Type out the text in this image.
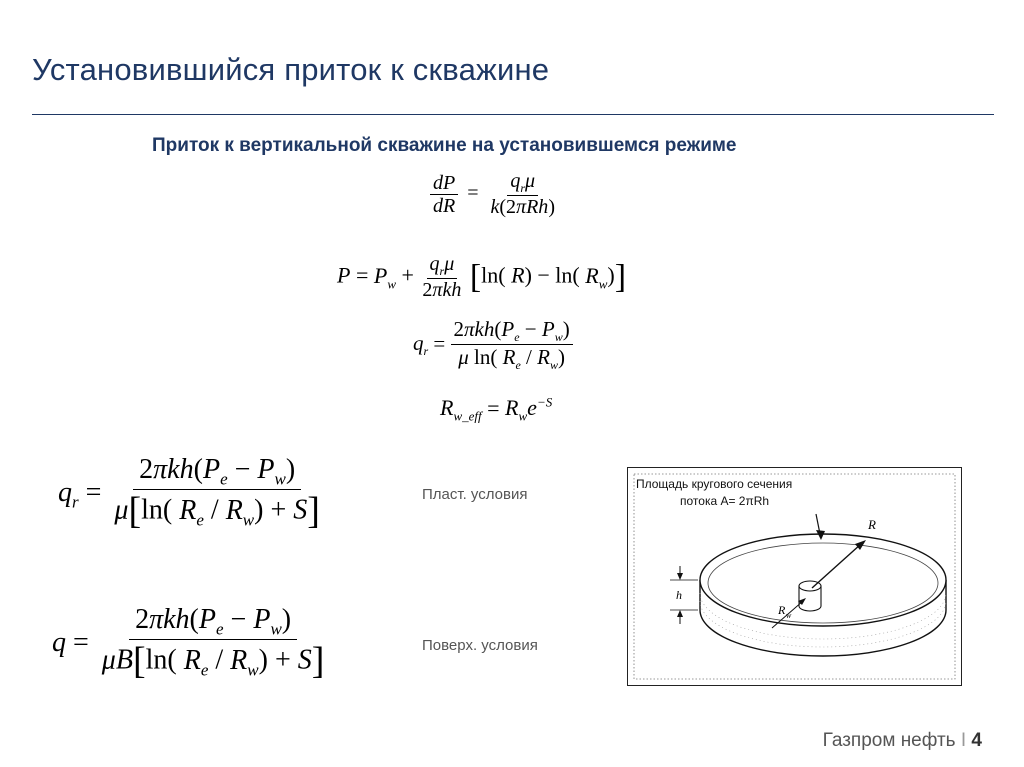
Установившийся приток к скважине
Приток к вертикальной скважине на установившемся режиме
$\frac{dP}{dR} = \frac{q_r\mu}{\text{k(2πRh)}}$
$P = P_w + \frac{q_r\mu}{\text{2πkh}} [\ln$( R) − ln( $R_w$)]
$q_r = \frac{2\pi kh(P_e - P_w)}{\mu \ln( R_e / R_w)}$
$R_{w\_eff} = R_we^{-S}$
$q_r = \frac{2\pi kh(P_e - P_w)}{\mu[\ln( R_e / R_w) + S]}$	Пласт. условия
$q = \frac{2\pi kh(P_e - P_w)}{\mu B[\ln( R_e / R_w) + S]}$	Поверх. условия
Площадь кругового сечения
потока A= 2πRh
R
R w
h
Газпром нефть I 4
